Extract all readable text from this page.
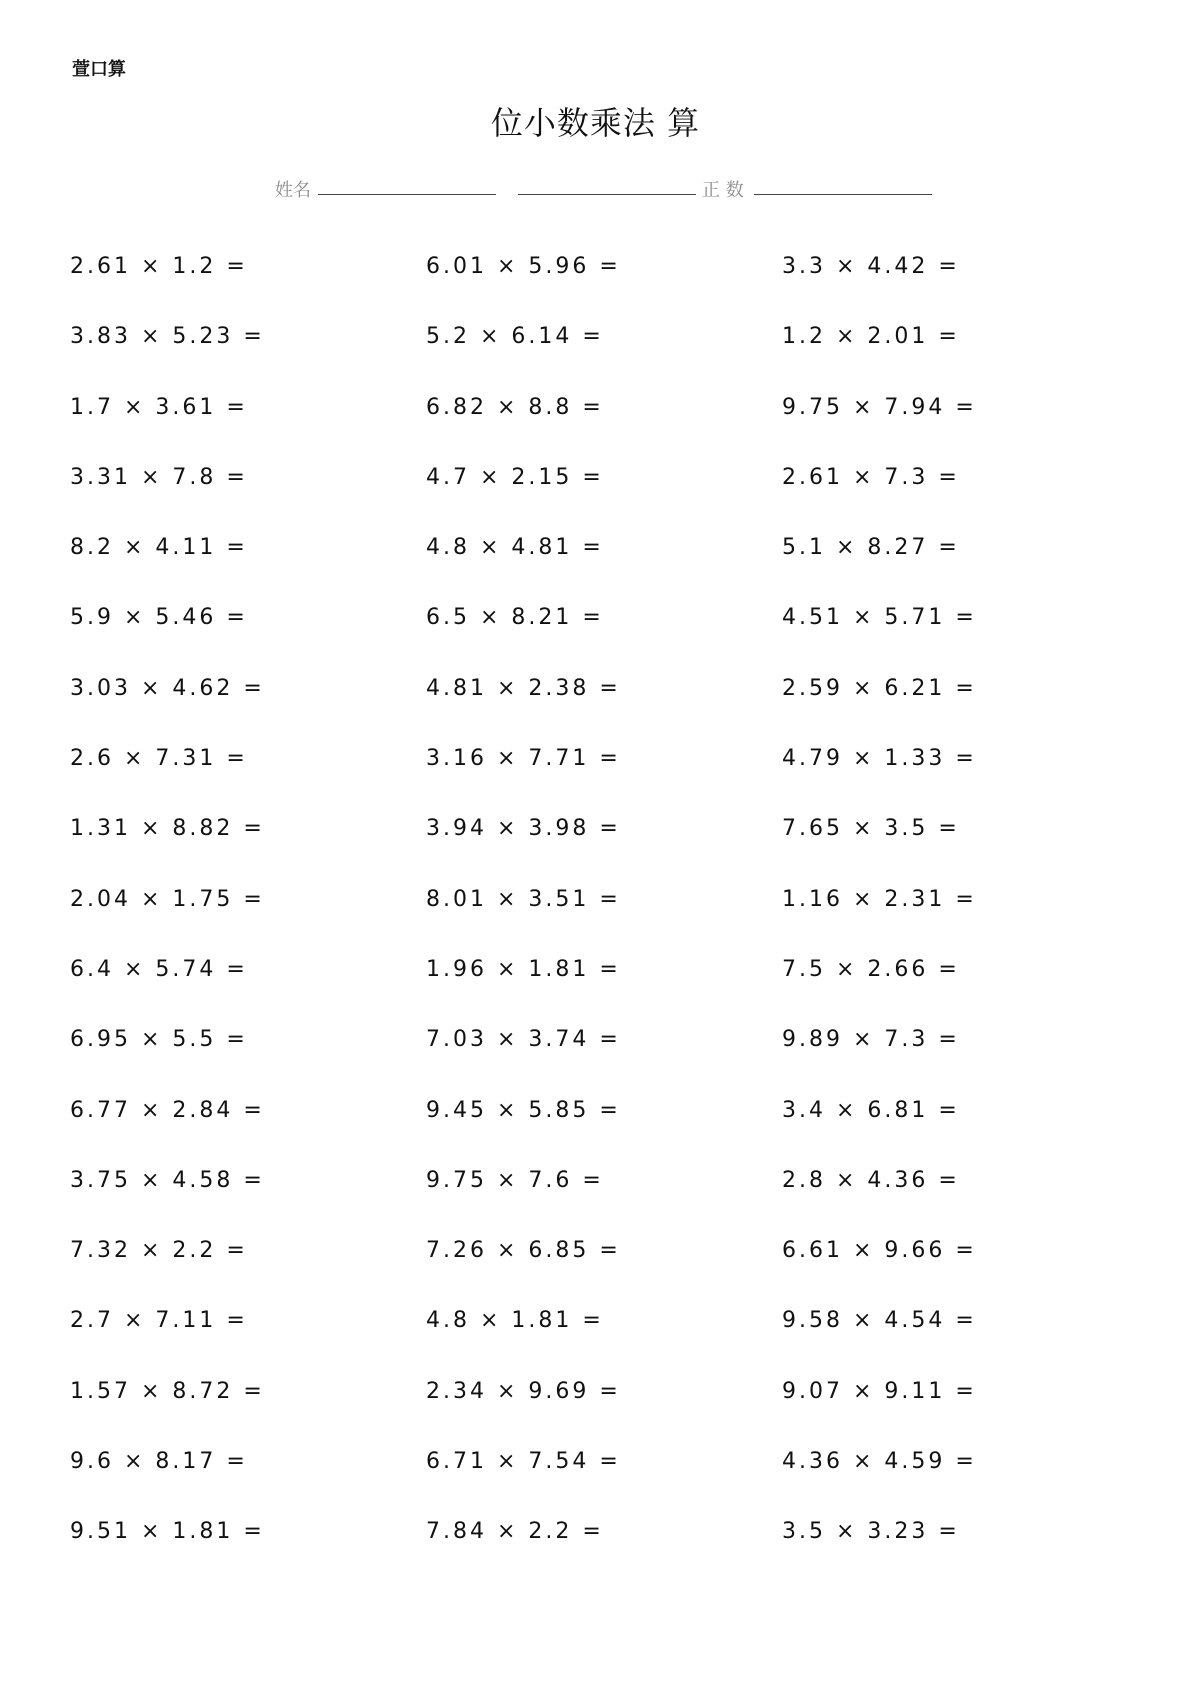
萱口算
位小数乘法 算
姓名	正 数
2.61 × 1.2 =	6.01 × 5.96 =	3.3 × 4.42 =
3.83 × 5.23 =	5.2 × 6.14 =	1.2 × 2.01 =
1.7 × 3.61 =	6.82 × 8.8 =	9.75 × 7.94 =
3.31 × 7.8 =	4.7 × 2.15 =	2.61 × 7.3 =
8.2 × 4.11 =	4.8 × 4.81 =	5.1 × 8.27 =
5.9 × 5.46 =	6.5 × 8.21 =	4.51 × 5.71 =
3.03 × 4.62 =	4.81 × 2.38 =	2.59 × 6.21 =
2.6 × 7.31 =	3.16 × 7.71 =	4.79 × 1.33 =
1.31 × 8.82 =	3.94 × 3.98 =	7.65 × 3.5 =
2.04 × 1.75 =	8.01 × 3.51 =	1.16 × 2.31 =
6.4 × 5.74 =	1.96 × 1.81 =	7.5 × 2.66 =
6.95 × 5.5 =	7.03 × 3.74 =	9.89 × 7.3 =
6.77 × 2.84 =	9.45 × 5.85 =	3.4 × 6.81 =
3.75 × 4.58 =	9.75 × 7.6 =	2.8 × 4.36 =
7.32 × 2.2 =	7.26 × 6.85 =	6.61 × 9.66 =
2.7 × 7.11 =	4.8 × 1.81 =	9.58 × 4.54 =
1.57 × 8.72 =	2.34 × 9.69 =	9.07 × 9.11 =
9.6 × 8.17 =	6.71 × 7.54 =	4.36 × 4.59 =
9.51 × 1.81 =	7.84 × 2.2 =	3.5 × 3.23 =
